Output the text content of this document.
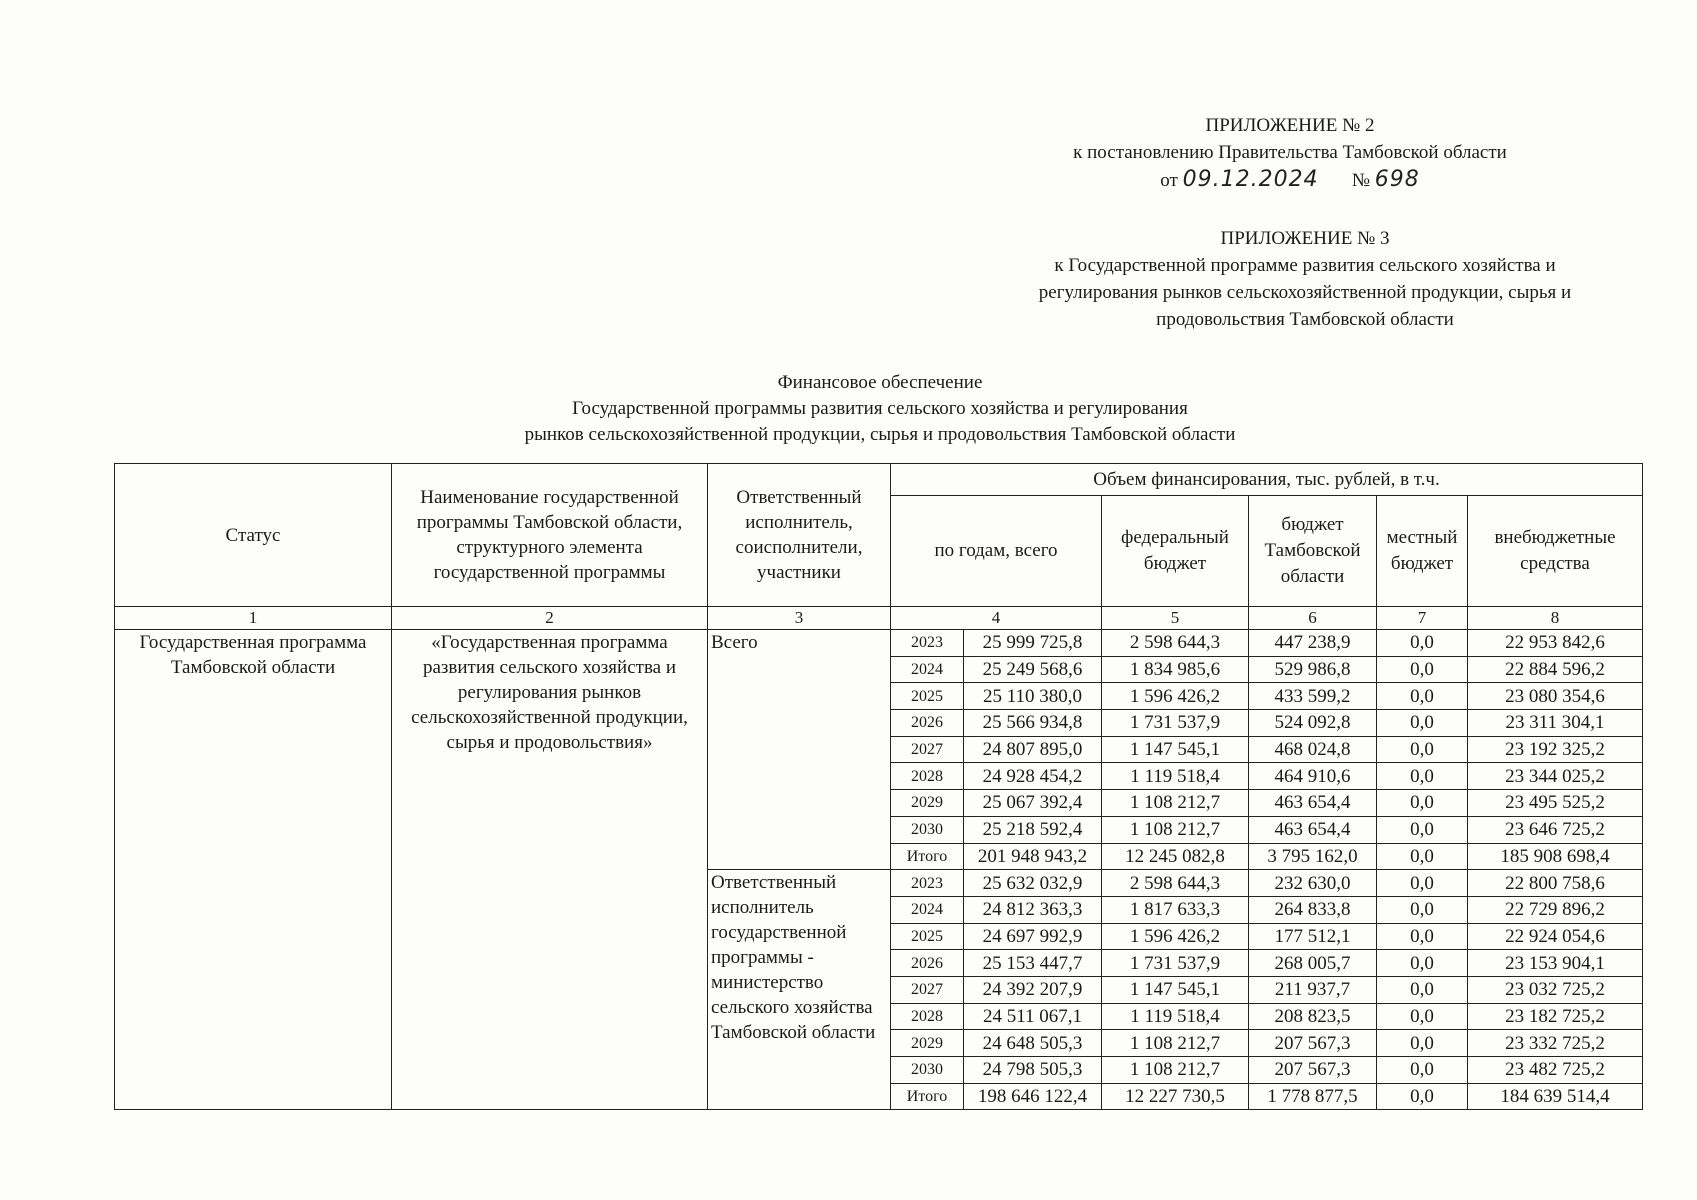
ПРИЛОЖЕНИЕ № 2
к постановлению Правительства Тамбовской области
от 09.12.2024 № 698
ПРИЛОЖЕНИЕ № 3
к Государственной программе развития сельского хозяйства и
регулирования рынков сельскохозяйственной продукции, сырья и
продовольствия Тамбовской области
Финансовое обеспечение
Государственной программы развития сельского хозяйства и регулирования
рынков сельскохозяйственной продукции, сырья и продовольствия Тамбовской области
Статус	Наименование государственной программы Тамбовской области, структурного элемента государственной программы	Ответственный исполнитель, соисполнители, участники	Объем финансирования, тыс. рублей, в т.ч.					
			по годам, всего		федеральный бюджет	бюджет Тамбовской области	местный бюджет	внебюджетные средства
1	2	3	4		5	6	7	8
Государственная программа Тамбовской области	«Государственная программа развития сельского хозяйства и регулирования рынков сельскохозяйственной продукции, сырья и продовольствия»	Всего	2023	25 999 725,8	2 598 644,3	447 238,9	0,0	22 953 842,6
			2024	25 249 568,6	1 834 985,6	529 986,8	0,0	22 884 596,2
			2025	25 110 380,0	1 596 426,2	433 599,2	0,0	23 080 354,6
			2026	25 566 934,8	1 731 537,9	524 092,8	0,0	23 311 304,1
			2027	24 807 895,0	1 147 545,1	468 024,8	0,0	23 192 325,2
			2028	24 928 454,2	1 119 518,4	464 910,6	0,0	23 344 025,2
			2029	25 067 392,4	1 108 212,7	463 654,4	0,0	23 495 525,2
			2030	25 218 592,4	1 108 212,7	463 654,4	0,0	23 646 725,2
			Итого	201 948 943,2	12 245 082,8	3 795 162,0	0,0	185 908 698,4
		Ответственный исполнитель государственной программы - министерство сельского хозяйства Тамбовской области	2023	25 632 032,9	2 598 644,3	232 630,0	0,0	22 800 758,6
			2024	24 812 363,3	1 817 633,3	264 833,8	0,0	22 729 896,2
			2025	24 697 992,9	1 596 426,2	177 512,1	0,0	22 924 054,6
			2026	25 153 447,7	1 731 537,9	268 005,7	0,0	23 153 904,1
			2027	24 392 207,9	1 147 545,1	211 937,7	0,0	23 032 725,2
			2028	24 511 067,1	1 119 518,4	208 823,5	0,0	23 182 725,2
			2029	24 648 505,3	1 108 212,7	207 567,3	0,0	23 332 725,2
			2030	24 798 505,3	1 108 212,7	207 567,3	0,0	23 482 725,2
			Итого	198 646 122,4	12 227 730,5	1 778 877,5	0,0	184 639 514,4
